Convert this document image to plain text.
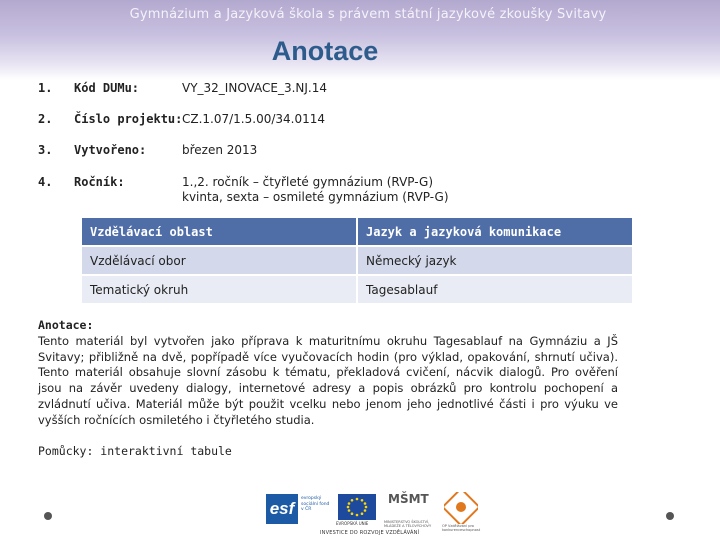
Gymnázium a Jazyková škola s právem státní jazykové zkoušky Svitavy
Anotace
1. Kód DUMu:	VY_32_INOVACE_3.NJ.14
2. Číslo projektu: CZ.1.07/1.5.00/34.0114
3. Vytvořeno:	březen 2013
4. Ročník:	1.,2. ročník – čtyřleté gymnázium (RVP-G)
kvinta, sexta – osmileté gymnázium (RVP-G)
Vzdělávací oblast	Jazyk a jazyková komunikace
Vzdělávací obor	Německý jazyk
Tematický okruh	Tagesablauf
Anotace:
Tento materiál byl vytvořen jako příprava k maturitnímu okruhu Tagesablauf na Gymnáziu a JŠ Svitavy; přibližně na dvě, popřípadě více vyučovacích hodin (pro výklad, opakování, shrnutí učiva). Tento materiál obsahuje slovní zásobu k tématu, překladová cvičení, nácvik dialogů. Pro ověření jsou na závěr uvedeny dialogy, internetové adresy a popis obrázků pro kontrolu pochopení a zvládnutí učiva. Materiál může být použit vcelku nebo jenom jeho jednotlivé části i pro výuku ve vyšších ročnících osmiletého i čtyřletého studia.
Pomůcky: interaktivní tabule
esf
evropský sociální fond v ČR
EVROPSKÁ UNIE
MŠMT
MINISTERSTVO ŠKOLSTVÍ, MLÁDEŽE A TĚLOVÝCHOVY	OP Vzdělávání pro konkurenceschopnost
INVESTICE DO ROZVOJE VZDĚLÁVÁNÍ
